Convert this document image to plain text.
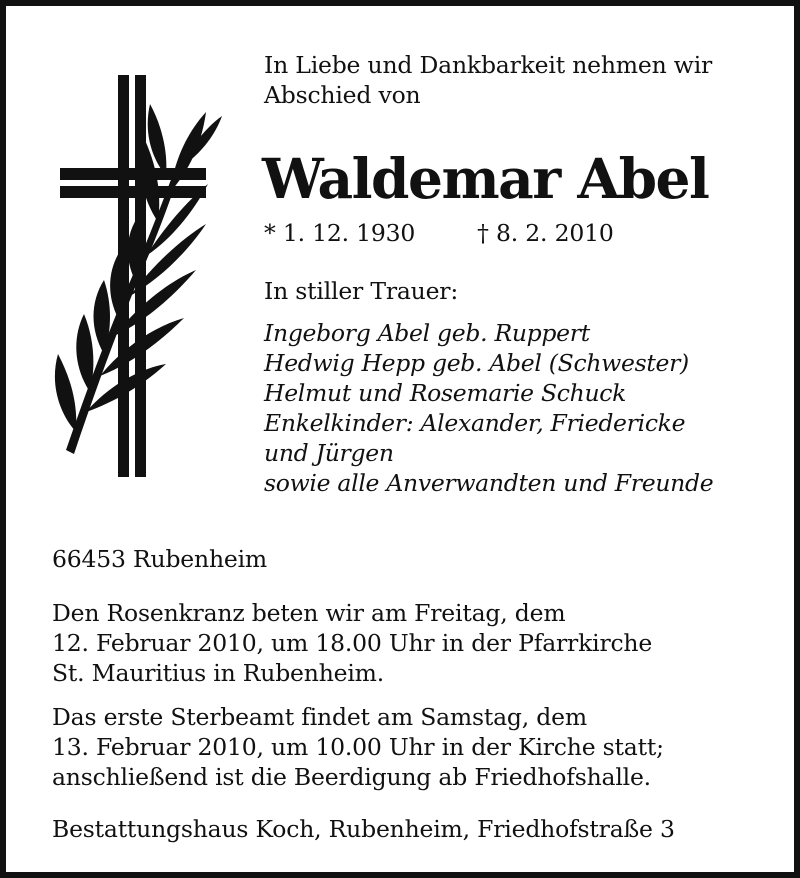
In Liebe und Dankbarkeit nehmen wir
Abschied von

Waldemar Abel

* 1. 12. 1930	† 8. 2. 2010

In stiller Trauer:

Ingeborg Abel geb. Ruppert
Hedwig Hepp geb. Abel (Schwester)
Helmut und Rosemarie Schuck
Enkelkinder: Alexander, Friedericke
und Jürgen
sowie alle Anverwandten und Freunde

66453 Rubenheim

Den Rosenkranz beten wir am Freitag, dem
12. Februar 2010, um 18.00 Uhr in der Pfarrkirche
St. Mauritius in Rubenheim.

Das erste Sterbeamt findet am Samstag, dem
13. Februar 2010, um 10.00 Uhr in der Kirche statt;
anschließend ist die Beerdigung ab Friedhofshalle.

Bestattungshaus Koch, Rubenheim, Friedhofstraße 3
